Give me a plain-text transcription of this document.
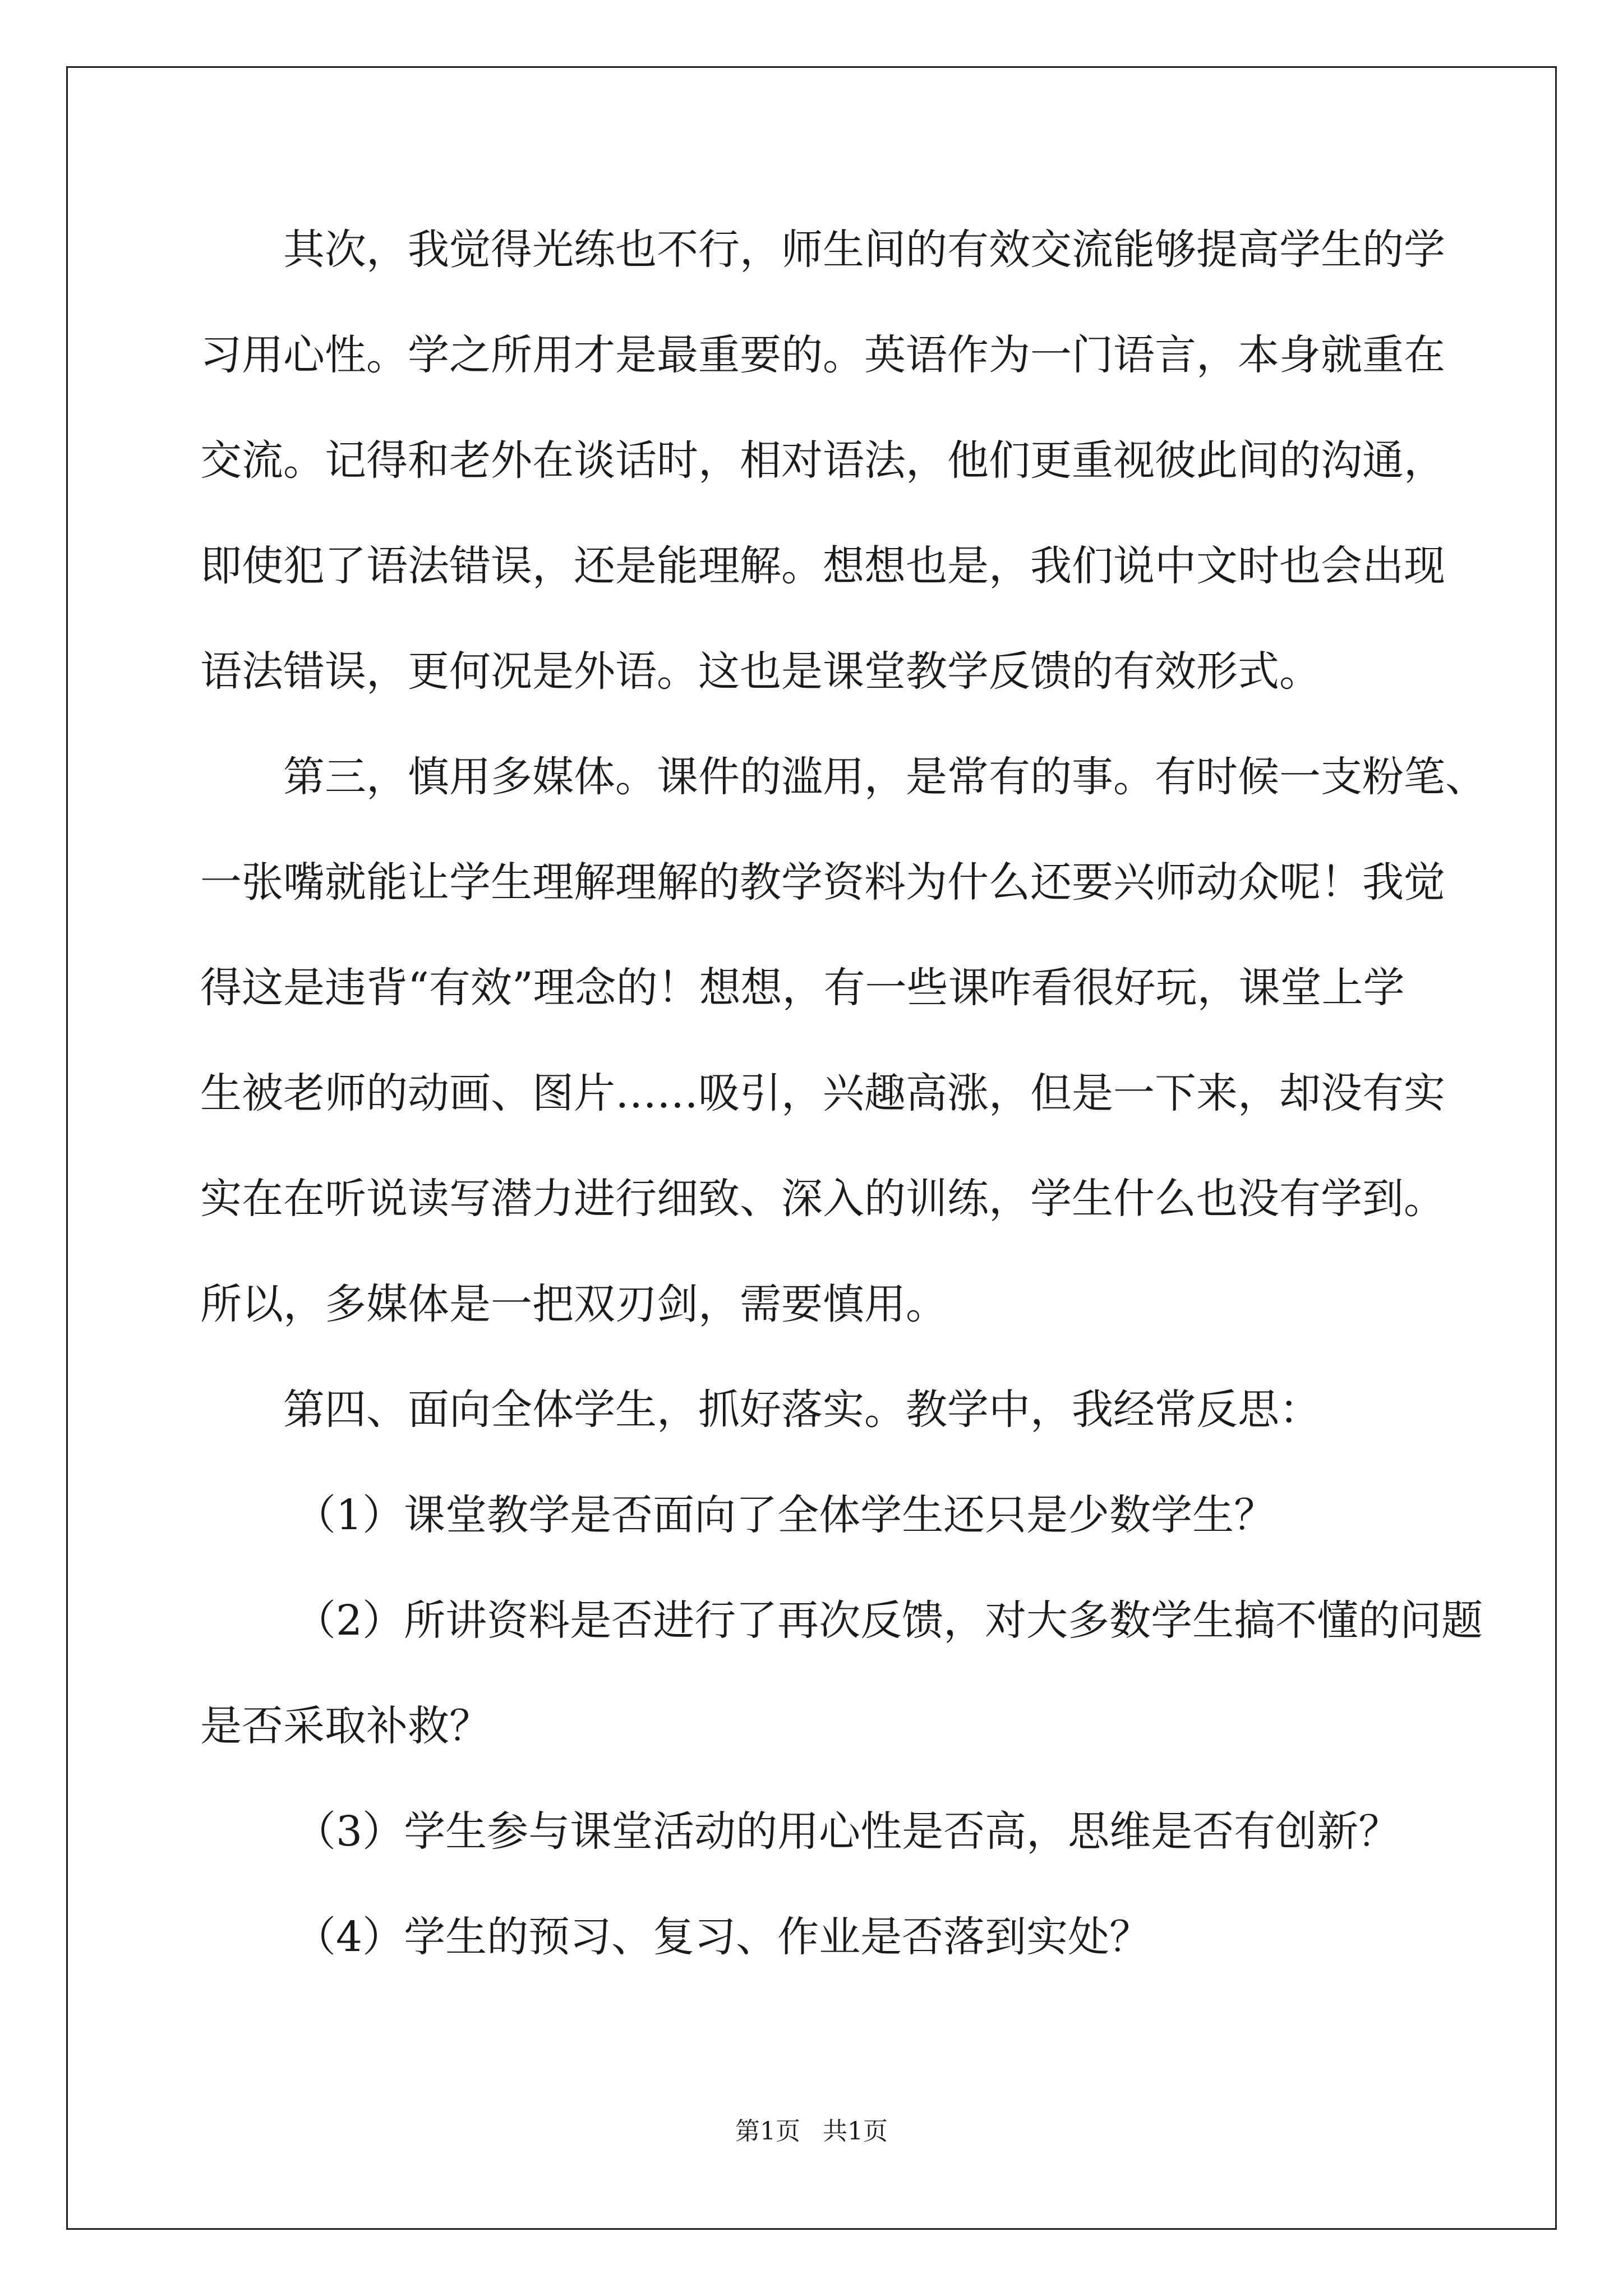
其次，我觉得光练也不行，师生间的有效交流能够提高学生的学
习用心性。学之所用才是最重要的。英语作为一门语言，本身就重在
交流。记得和老外在谈话时，相对语法，他们更重视彼此间的沟通，
即使犯了语法错误，还是能理解。想想也是，我们说中文时也会出现
语法错误，更何况是外语。这也是课堂教学反馈的有效形式。
第三，慎用多媒体。课件的滥用，是常有的事。有时候一支粉笔、
一张嘴就能让学生理解理解的教学资料为什么还要兴师动众呢！我觉
得这是违背“有效”理念的！想想，有一些课咋看很好玩，课堂上学
生被老师的动画、图片……吸引，兴趣高涨，但是一下来，却没有实
实在在听说读写潜力进行细致、深入的训练，学生什么也没有学到。
所以，多媒体是一把双刃剑，需要慎用。
第四、面向全体学生，抓好落实。教学中，我经常反思：
（1）课堂教学是否面向了全体学生还只是少数学生？
（2）所讲资料是否进行了再次反馈，对大多数学生搞不懂的问题
是否采取补救？
（3）学生参与课堂活动的用心性是否高，思维是否有创新？
（4）学生的预习、复习、作业是否落到实处？
第1页 共1页
